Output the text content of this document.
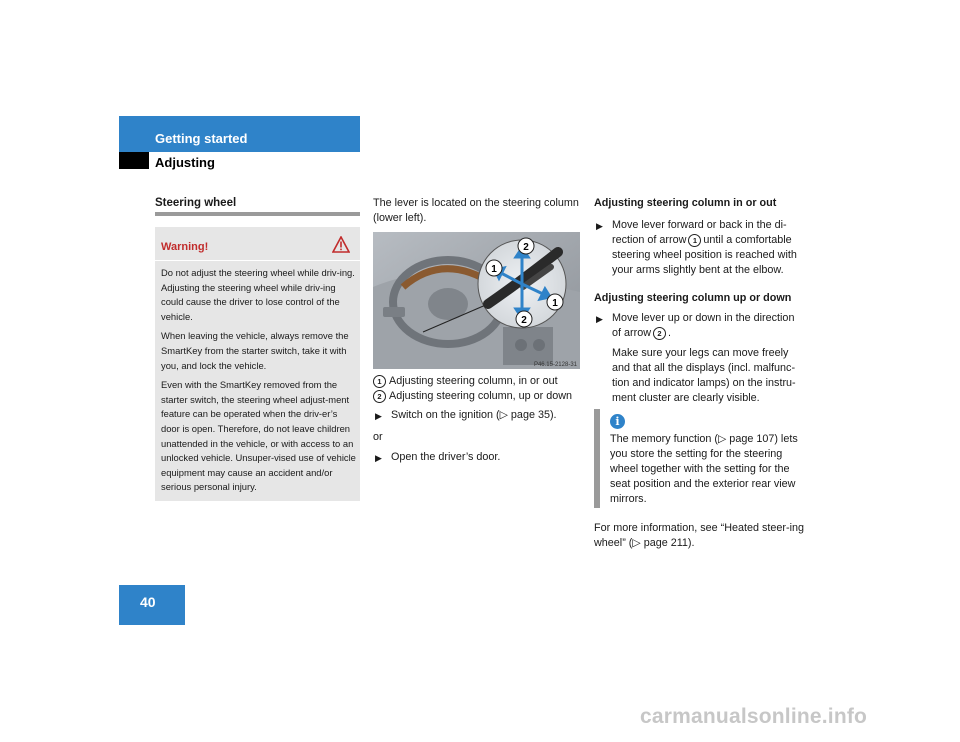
Getting started
Adjusting
40
Steering wheel
Warning!

Do not adjust the steering wheel while driv-ing. Adjusting the steering wheel while driv-ing could cause the driver to lose control of the vehicle.

When leaving the vehicle, always remove the SmartKey from the starter switch, take it with you, and lock the vehicle.

Even with the SmartKey removed from the starter switch, the steering wheel adjust-ment feature can be operated when the driv-er’s door is open. Therefore, do not leave children unattended in the vehicle, or with access to an unlocked vehicle. Unsuper-vised use of vehicle equipment may cause an accident and/or serious personal injury.

The lever is located on the steering column (lower left).
2
1
1
2
P46.15-2128-31
1 Adjusting steering column, in or out
2 Adjusting steering column, up or down
▶ Switch on the ignition (▷ page 35).
or
▶ Open the driver’s door.
Adjusting steering column in or out
▶ Move lever forward or back in the di-rection of arrow 1 until a comfortable steering wheel position is reached with your arms slightly bent at the elbow.
Adjusting steering column up or down
▶ Move lever up or down in the direction of arrow 2 .
Make sure your legs can move freely and that all the displays (incl. malfunc-tion and indicator lamps) on the instru-ment cluster are clearly visible.
i
The memory function (▷ page 107) lets you store the setting for the steering wheel together with the setting for the seat position and the exterior rear view mirrors.
For more information, see “Heated steer-ing wheel” (▷ page 211).
carmanualsonline.info
